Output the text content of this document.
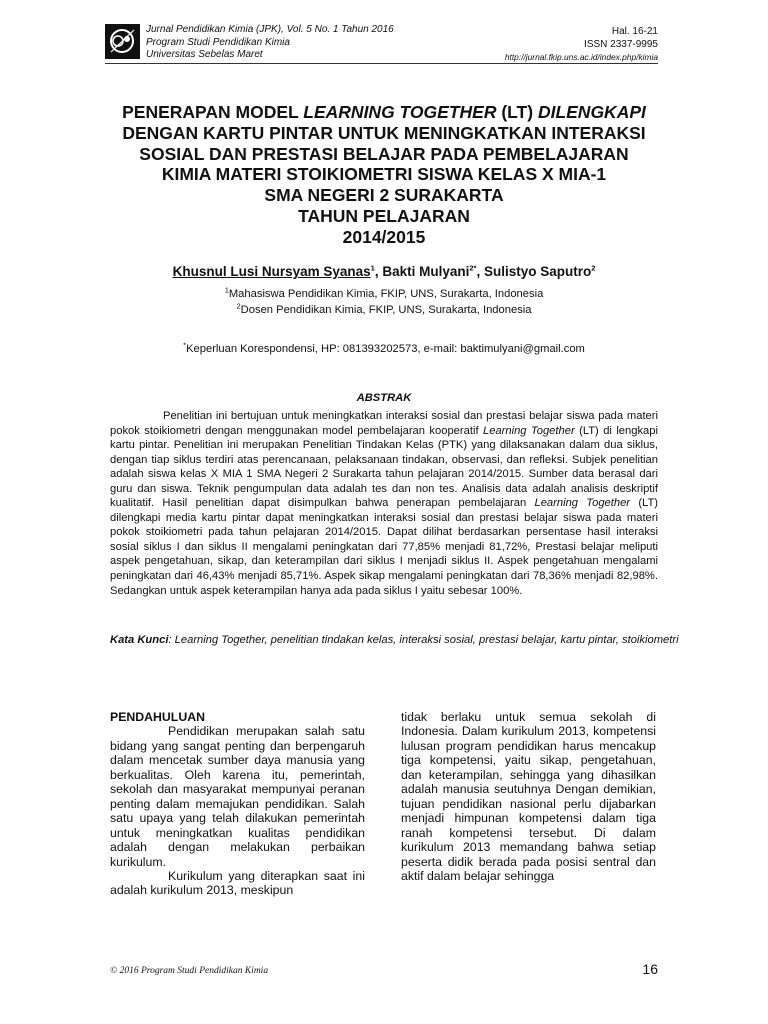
Jurnal Pendidikan Kimia (JPK), Vol. 5 No. 1 Tahun 2016
Program Studi Pendidikan Kimia
Universitas Sebelas Maret
Hal. 16-21
ISSN 2337-9995
http://jurnal.fkip.uns.ac.id/index.php/kimia
PENERAPAN MODEL LEARNING TOGETHER (LT) DILENGKAPI
DENGAN KARTU PINTAR UNTUK MENINGKATKAN INTERAKSI
SOSIAL DAN PRESTASI BELAJAR PADA PEMBELAJARAN
KIMIA MATERI STOIKIOMETRI SISWA KELAS X MIA-1
SMA NEGERI 2 SURAKARTA
TAHUN PELAJARAN
2014/2015
Khusnul Lusi Nursyam Syanas$^1$, Bakti Mulyani$^{2*}$, Sulistyo Saputro$^2$
$^1$Mahasiswa Pendidikan Kimia, FKIP, UNS, Surakarta, Indonesia
$^2$Dosen Pendidikan Kimia, FKIP, UNS, Surakarta, Indonesia
*Keperluan Korespondensi, HP: 081393202573, e-mail: baktimulyani@gmail.com
ABSTRAK
Penelitian ini bertujuan untuk meningkatkan interaksi sosial dan prestasi belajar siswa pada materi pokok stoikiometri dengan menggunakan model pembelajaran kooperatif Learning Together (LT) di lengkapi kartu pintar. Penelitian ini merupakan Penelitian Tindakan Kelas (PTK) yang dilaksanakan dalam dua siklus, dengan tiap siklus terdiri atas perencanaan, pelaksanaan tindakan, observasi, dan refleksi. Subjek penelitian adalah siswa kelas X MIA 1 SMA Negeri 2 Surakarta tahun pelajaran 2014/2015. Sumber data berasal dari guru dan siswa. Teknik pengumpulan data adalah tes dan non tes. Analisis data adalah analisis deskriptif kualitatif. Hasil penelitian dapat disimpulkan bahwa penerapan pembelajaran Learning Together (LT) dilengkapi media kartu pintar dapat meningkatkan interaksi sosial dan prestasi belajar siswa pada materi pokok stoikiometri pada tahun pelajaran 2014/2015. Dapat dilihat berdasarkan persentase hasil interaksi sosial siklus I dan siklus II mengalami peningkatan dari 77,85% menjadi 81,72%, Prestasi belajar meliputi aspek pengetahuan, sikap, dan keterampilan dari siklus I menjadi siklus II. Aspek pengetahuan mengalami peningkatan dari 46,43% menjadi 85,71%. Aspek sikap mengalami peningkatan dari 78,36% menjadi 82,98%. Sedangkan untuk aspek keterampilan hanya ada pada siklus I yaitu sebesar 100%.
Kata Kunci: Learning Together, penelitian tindakan kelas, interaksi sosial, prestasi belajar, kartu pintar, stoikiometri
PENDAHULUAN

Pendidikan merupakan salah satu bidang yang sangat penting dan berpengaruh dalam mencetak sumber daya manusia yang berkualitas. Oleh karena itu, pemerintah, sekolah dan masyarakat mempunyai peranan penting dalam memajukan pendidikan. Salah satu upaya yang telah dilakukan pemerintah untuk meningkatkan kualitas pendidikan adalah dengan melakukan perbaikan kurikulum.

Kurikulum yang diterapkan saat ini adalah kurikulum 2013, meskipun

tidak berlaku untuk semua sekolah di Indonesia. Dalam kurikulum 2013, kompetensi lulusan program pendidikan harus mencakup tiga kompetensi, yaitu sikap, pengetahuan, dan keterampilan, sehingga yang dihasilkan adalah manusia seutuhnya Dengan demikian, tujuan pendidikan nasional perlu dijabarkan menjadi himpunan kompetensi dalam tiga ranah kompetensi tersebut. Di dalam kurikulum 2013 memandang bahwa setiap peserta didik berada pada posisi sentral dan aktif dalam belajar sehingga

© 2016 Program Studi Pendidikan Kimia	16
